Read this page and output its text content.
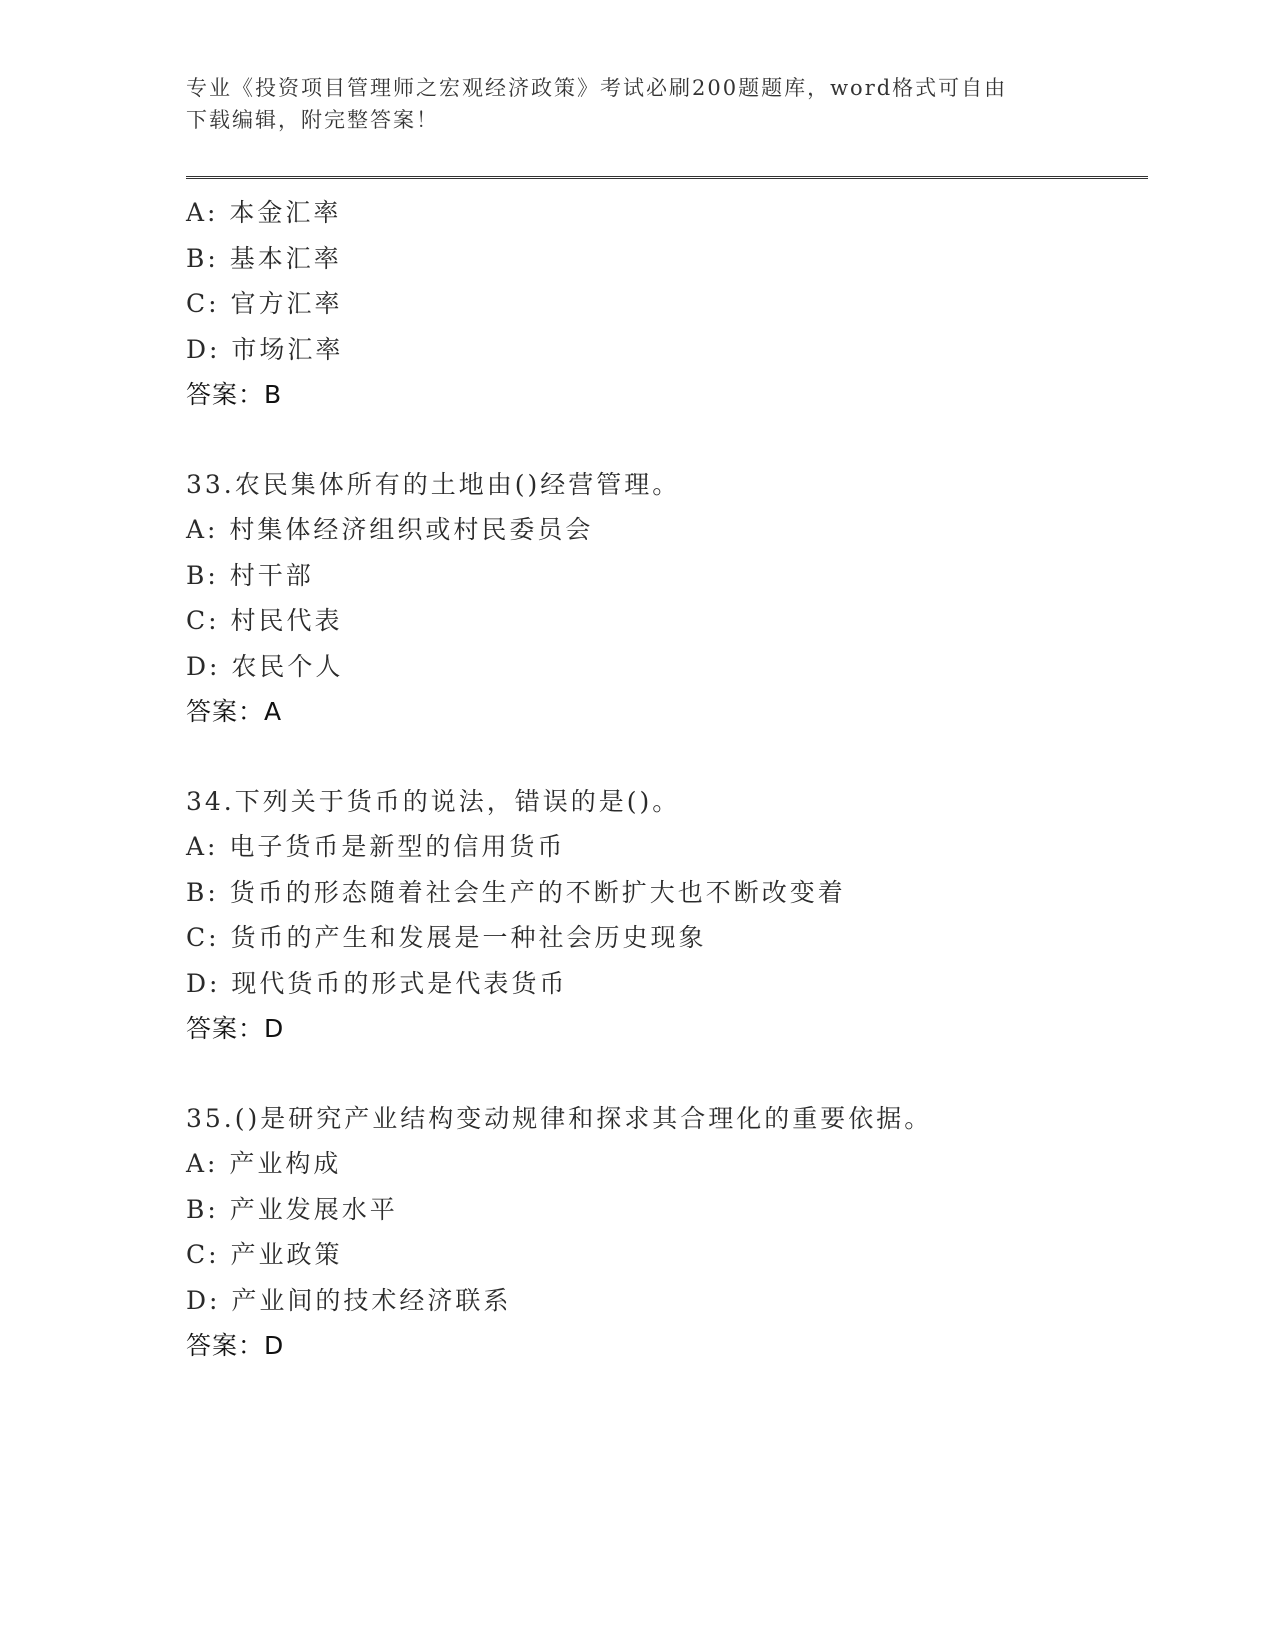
专业《投资项目管理师之宏观经济政策》考试必刷200题题库，word格式可自由
下载编辑，附完整答案！
A: 本金汇率
B: 基本汇率
C: 官方汇率
D: 市场汇率
答案：B
33.农民集体所有的土地由()经营管理。
A: 村集体经济组织或村民委员会
B: 村干部
C: 村民代表
D: 农民个人
答案：A
34.下列关于货币的说法，错误的是()。
A: 电子货币是新型的信用货币
B: 货币的形态随着社会生产的不断扩大也不断改变着
C: 货币的产生和发展是一种社会历史现象
D: 现代货币的形式是代表货币
答案：D
35.()是研究产业结构变动规律和探求其合理化的重要依据。
A: 产业构成
B: 产业发展水平
C: 产业政策
D: 产业间的技术经济联系
答案：D
